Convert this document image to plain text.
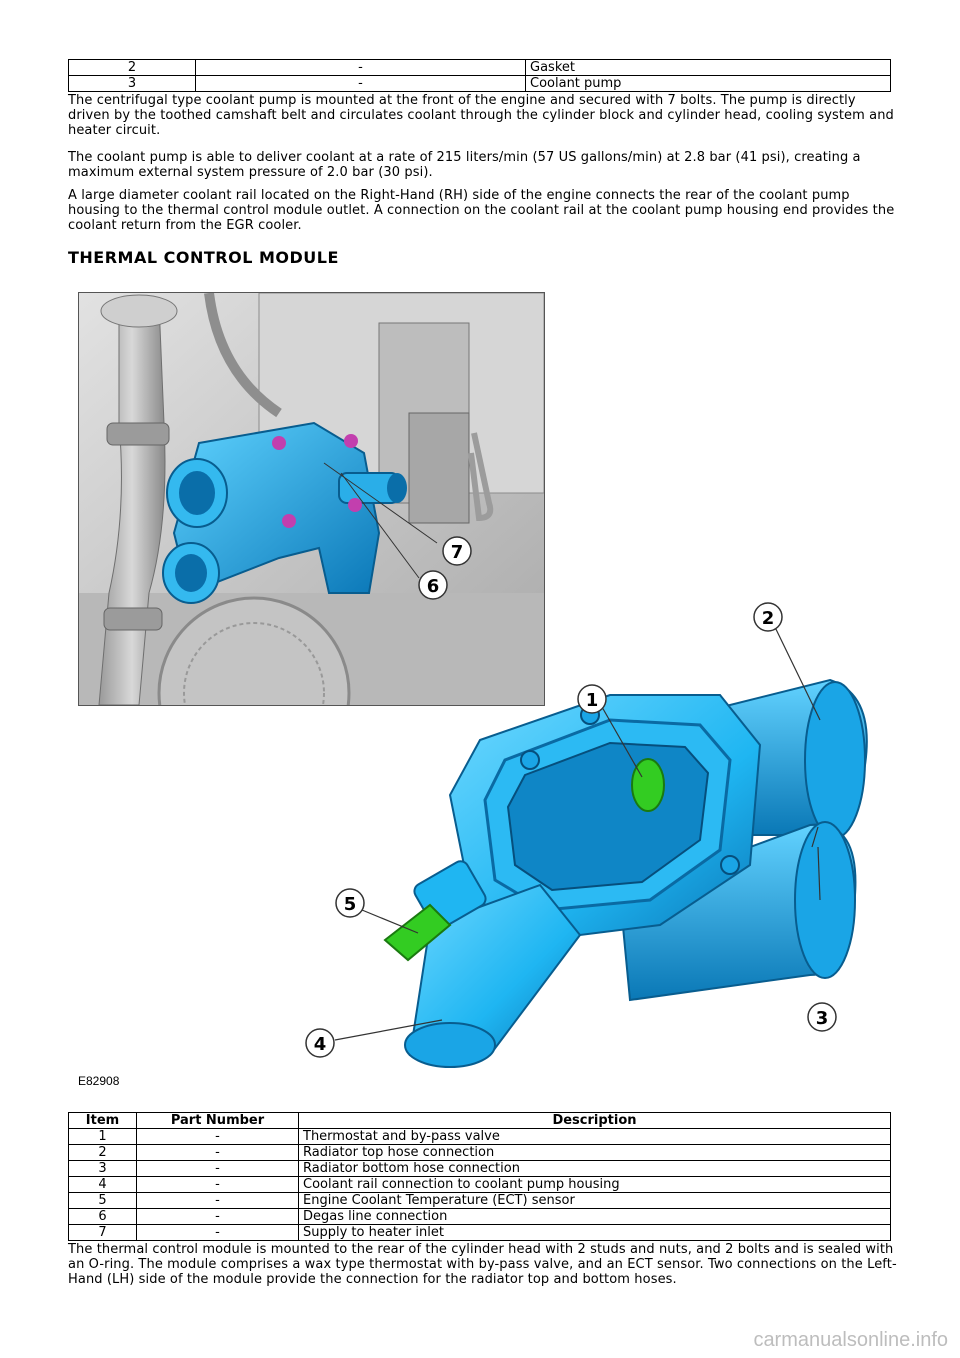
2	-	Gasket
3	-	Coolant pump

The centrifugal type coolant pump is mounted at the front of the engine and secured with 7 bolts. The pump is directly driven by the toothed camshaft belt and circulates coolant through the cylinder block and cylinder head, cooling system and heater circuit.

The coolant pump is able to deliver coolant at a rate of 215 liters/min (57 US gallons/min) at 2.8 bar (41 psi), creating a maximum external system pressure of 2.0 bar (30 psi).

A large diameter coolant rail located on the Right-Hand (RH) side of the engine connects the rear of the coolant pump housing to the thermal control module outlet. A connection on the coolant rail at the coolant pump housing end provides the coolant return from the EGR cooler.

THERMAL CONTROL MODULE
7
6
2
1
3
5
4
E82908
Item	Part Number	Description
1	-	Thermostat and by-pass valve
2	-	Radiator top hose connection
3	-	Radiator bottom hose connection
4	-	Coolant rail connection to coolant pump housing
5	-	Engine Coolant Temperature (ECT) sensor
6	-	Degas line connection
7	-	Supply to heater inlet

The thermal control module is mounted to the rear of the cylinder head with 2 studs and nuts, and 2 bolts and is sealed with an O-ring. The module comprises a wax type thermostat with by-pass valve, and an ECT sensor. Two connections on the Left-Hand (LH) side of the module provide the connection for the radiator top and bottom hoses.

carmanualsonline.info
